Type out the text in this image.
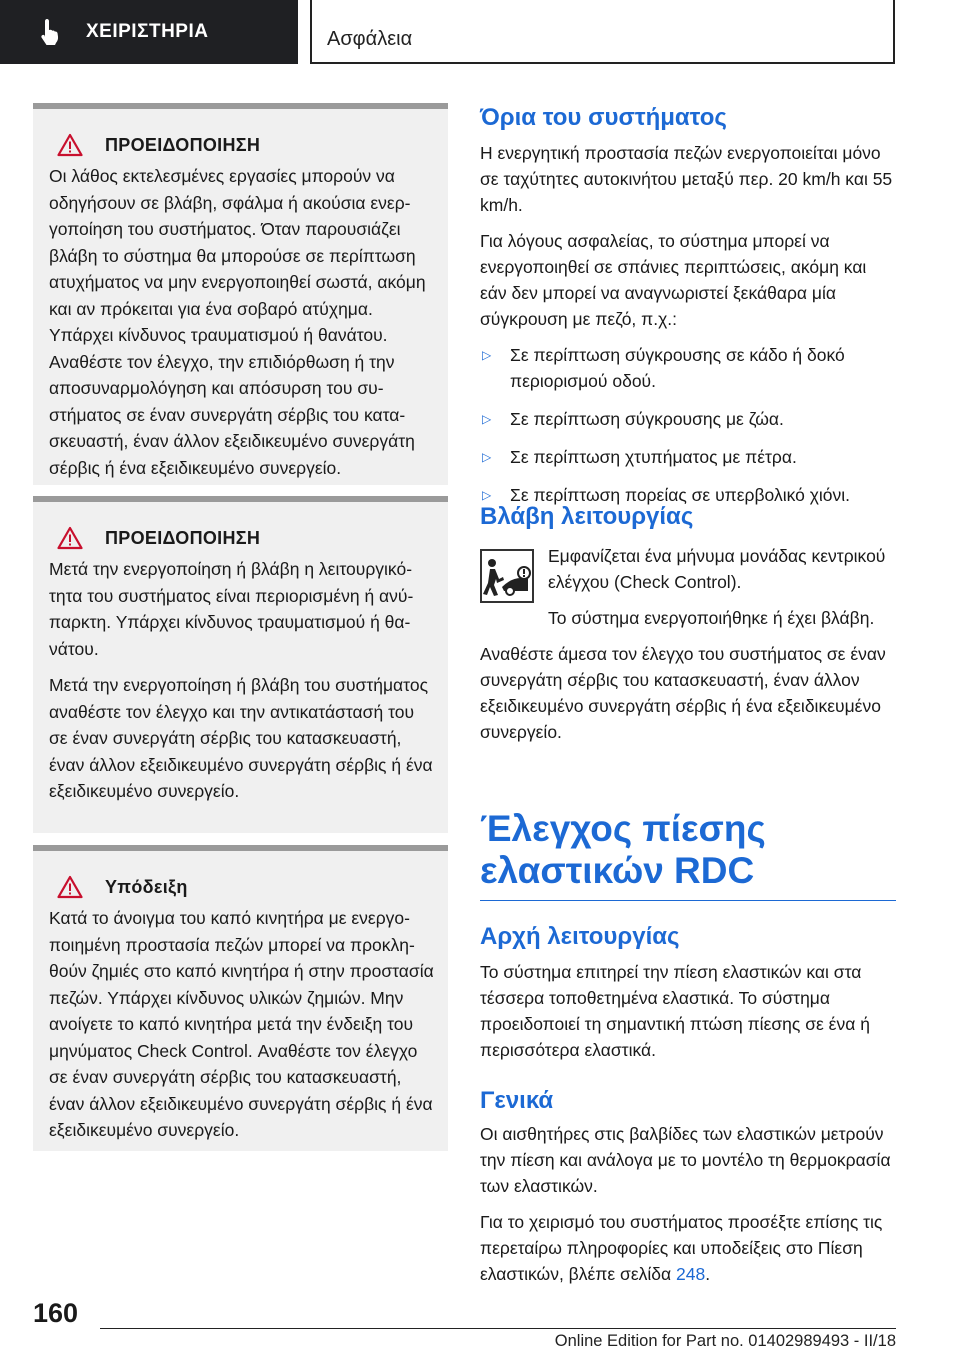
ΧΕΙΡΙΣΤΗΡΙΑ	Ασφάλεια
ΠΡΟΕΙΔΟΠΟΙΗΣΗ

Οι λάθος εκτελεσμένες εργασίες μπορούν να οδηγήσουν σε βλάβη, σφάλμα ή ακούσια ενεργοποίηση του συστήματος. Όταν παρουσιάζει βλάβη το σύστημα θα μπορούσε σε περίπτωση ατυχήματος να μην ενεργοποιηθεί σωστά, ακόμη και αν πρόκειται για ένα σοβαρό ατύχημα. Υπάρχει κίνδυνος τραυματισμού ή θανάτου. Αναθέστε τον έλεγχο, την επιδιόρθωση ή την αποσυναρμολόγηση και απόσυρση του συστήματος σε έναν συνεργάτη σέρβις του κατασκευαστή, έναν άλλον εξειδικευμένο συνεργάτη σέρβις ή ένα εξειδικευμένο συνεργείο.

ΠΡΟΕΙΔΟΠΟΙΗΣΗ

Μετά την ενεργοποίηση ή βλάβη η λειτουργικότητα του συστήματος είναι περιορισμένη ή ανύπαρκτη. Υπάρχει κίνδυνος τραυματισμού ή θανάτου.

Μετά την ενεργοποίηση ή βλάβη του συστήματος αναθέστε τον έλεγχο και την αντικατάστασή του σε έναν συνεργάτη σέρβις του κατασκευαστή, έναν άλλον εξειδικευμένο συνεργάτη σέρβις ή ένα εξειδικευμένο συνεργείο.

Υπόδειξη

Κατά το άνοιγμα του καπό κινητήρα με ενεργοποιημένη προστασία πεζών μπορεί να προκληθούν ζημιές στο καπό κινητήρα ή στην προστασία πεζών. Υπάρχει κίνδυνος υλικών ζημιών. Μην ανοίγετε το καπό κινητήρα μετά την ένδειξη του μηνύματος Check Control. Αναθέστε τον έλεγχο σε έναν συνεργάτη σέρβις του κατασκευαστή, έναν άλλον εξειδικευμένο συνεργάτη σέρβις ή ένα εξειδικευμένο συνεργείο.

Όρια του συστήματος

Η ενεργητική προστασία πεζών ενεργοποιείται μόνο σε ταχύτητες αυτοκινήτου μεταξύ περ. 20 km/h και 55 km/h.

Για λόγους ασφαλείας, το σύστημα μπορεί να ενεργοποιηθεί σε σπάνιες περιπτώσεις, ακόμη και εάν δεν μπορεί να αναγνωριστεί ξεκάθαρα μία σύγκρουση με πεζό, π.χ.:

▷ Σε περίπτωση σύγκρουσης σε κάδο ή δοκό περιορισμού οδού.
▷ Σε περίπτωση σύγκρουσης με ζώα.
▷ Σε περίπτωση χτυπήματος με πέτρα.
▷ Σε περίπτωση πορείας σε υπερβολικό χιόνι.
Βλάβη λειτουργίας

Εμφανίζεται ένα μήνυμα μονάδας κεντρικού ελέγχου (Check Control).

Το σύστημα ενεργοποιήθηκε ή έχει βλάβη.

Αναθέστε άμεσα τον έλεγχο του συστήματος σε έναν συνεργάτη σέρβις του κατασκευαστή, έναν άλλον εξειδικευμένο συνεργάτη σέρβις ή ένα εξειδικευμένο συνεργείο.

Έλεγχος πίεσης ελαστικών RDC
Αρχή λειτουργίας

Το σύστημα επιτηρεί την πίεση ελαστικών και στα τέσσερα τοποθετημένα ελαστικά. Το σύστημα προειδοποιεί τη σημαντική πτώση πίεσης σε ένα ή περισσότερα ελαστικά.

Γενικά

Οι αισθητήρες στις βαλβίδες των ελαστικών μετρούν την πίεση και ανάλογα με το μοντέλο τη θερμοκρασία των ελαστικών.

Για το χειρισμό του συστήματος προσέξτε επίσης τις περεταίρω πληροφορίες και υποδείξεις στο Πίεση ελαστικών, βλέπε σελίδα 248.

160
Online Edition for Part no. 01402989493 - II/18
